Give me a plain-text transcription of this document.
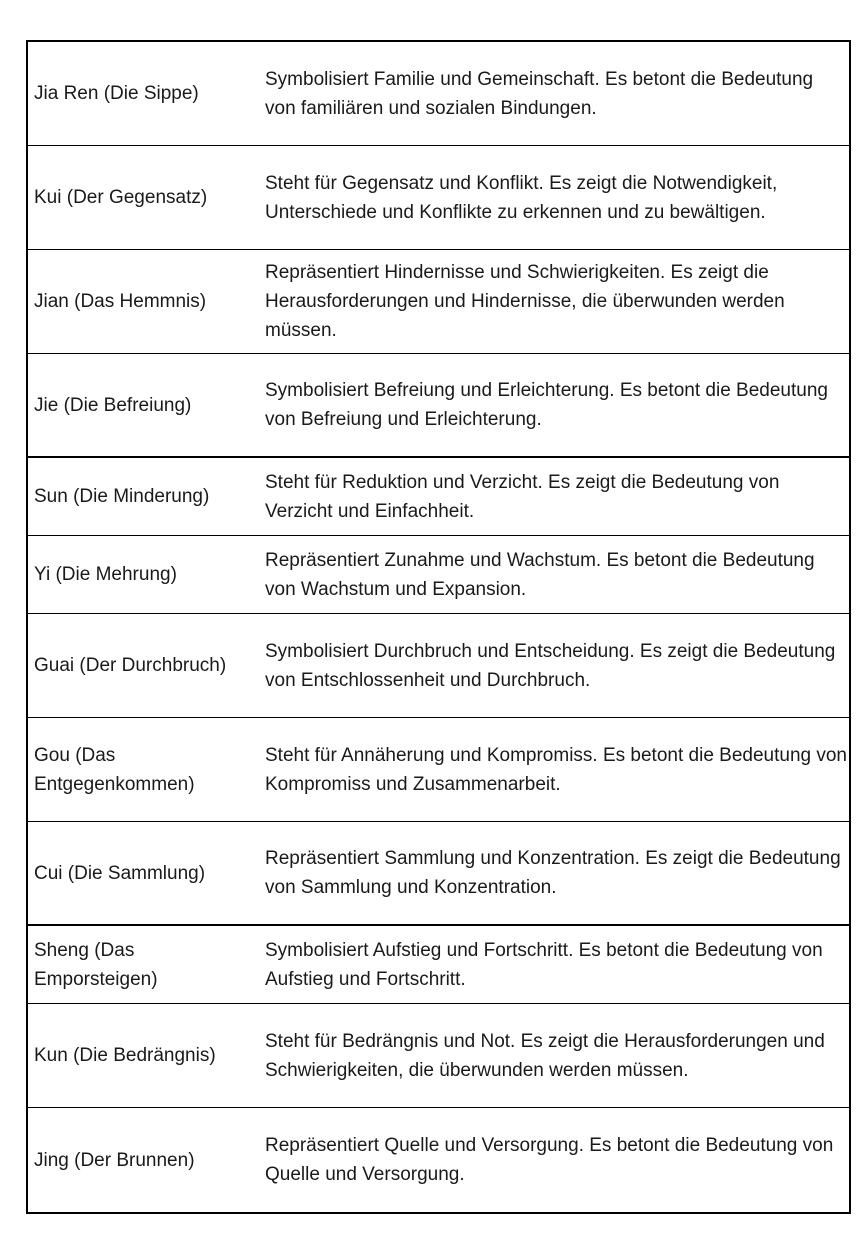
Jia Ren (Die Sippe)
Symbolisiert Familie und Gemeinschaft. Es betont die Bedeutung von familiären und sozialen Bindungen.
Kui (Der Gegensatz)
Steht für Gegensatz und Konflikt. Es zeigt die Notwendigkeit, Unterschiede und Konflikte zu erkennen und zu bewältigen.
Jian (Das Hemmnis)
Repräsentiert Hindernisse und Schwierigkeiten. Es zeigt die Herausforderungen und Hindernisse, die überwunden werden müssen.
Jie (Die Befreiung)
Symbolisiert Befreiung und Erleichterung. Es betont die Bedeutung von Befreiung und Erleichterung.
Sun (Die Minderung)
Steht für Reduktion und Verzicht. Es zeigt die Bedeutung von Verzicht und Einfachheit.
Yi (Die Mehrung)
Repräsentiert Zunahme und Wachstum. Es betont die Bedeutung von Wachstum und Expansion.
Guai (Der Durchbruch)
Symbolisiert Durchbruch und Entscheidung. Es zeigt die Bedeutung von Entschlossenheit und Durchbruch.
Gou (Das Entgegenkommen)
Steht für Annäherung und Kompromiss. Es betont die Bedeutung von Kompromiss und Zusammenarbeit.
Cui (Die Sammlung)
Repräsentiert Sammlung und Konzentration. Es zeigt die Bedeutung von Sammlung und Konzentration.
Sheng (Das Emporsteigen)
Symbolisiert Aufstieg und Fortschritt. Es betont die Bedeutung von Aufstieg und Fortschritt.
Kun (Die Bedrängnis)
Steht für Bedrängnis und Not. Es zeigt die Herausforderungen und Schwierigkeiten, die überwunden werden müssen.
Jing (Der Brunnen)
Repräsentiert Quelle und Versorgung. Es betont die Bedeutung von Quelle und Versorgung.
